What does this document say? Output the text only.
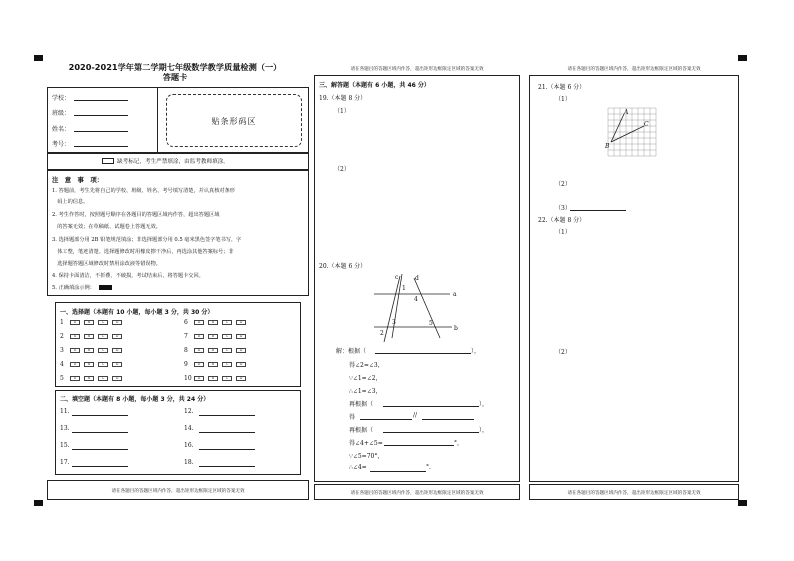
2020-2021学年第二学期七年级数学教学质量检测（一）
答题卡
学校：
班级：
姓名：
考号：
贴条形码区
缺考标记，考生严禁填涂，由监考教师填涂。
注　意　事　项：
1. 答题前，考生先将自己的学校、班级、姓名、考号填写清楚，并认真核对条形
　码上的信息。
2. 考生作答时，按照题号顺序在各题目的答题区域内作答，超出答题区域
　的答案无效；在草稿纸、试题卷上答题无效。
3. 选择题部分用 2B 铅笔规范填涂；非选择题部分用 0.5 毫米黑色签字笔书写，字
　体工整，笔迹清楚。选择题修改时用橡皮擦干净后，再选涂其他答案标号；非
　选择题答题区域修改时禁用涂改液等错误物。
4. 保持卡面清洁，不折叠、不破损，考试结束后，将答题卡交回。
5. 正确填涂示例：
一、选择题（本题有 10 小题，每小题 3 分，共 30 分）
1	A	B	C	D
2	A	B	C	D
3	A	B	C	D
4	A	B	C	D
5	A	B	C	D
6	A	B	C	D
7	A	B	C	D
8	A	B	C	D
9	A	B	C	D
10	A	B	C	D
二、填空题（本题有 8 小题，每小题 3 分，共 24 分）
11.	12.
13.	14.
15.	16.
17.	18.
请在各题目的答题区域内作答，超出矩形边框限定区域的答案无效
请在各题目的答题区域内作答，超出矩形边框限定区域的答案无效
三、解答题（本题有 6 小题，共 46 分）
19.（本题 8 分）
（1）
（2）
20.（本题 6 分）
c	d
a
b
1
2
3
4
5
解：根据（	），
得∠2=∠3，
∵∠1=∠2，
∴∠1=∠3，
再根据（	），
得	//
再根据（	），
得∠4+∠5=	°，
∵∠5=70°，
∴∠4=	°.
请在各题目的答题区域内作答，超出矩形边框限定区域的答案无效
请在各题目的答题区域内作答，超出矩形边框限定区域的答案无效
21.（本题 6 分）
（1）
A
B
C
（2）
（3）
22.（本题 8 分）
（1）
（2）
请在各题目的答题区域内作答，超出矩形边框限定区域的答案无效
